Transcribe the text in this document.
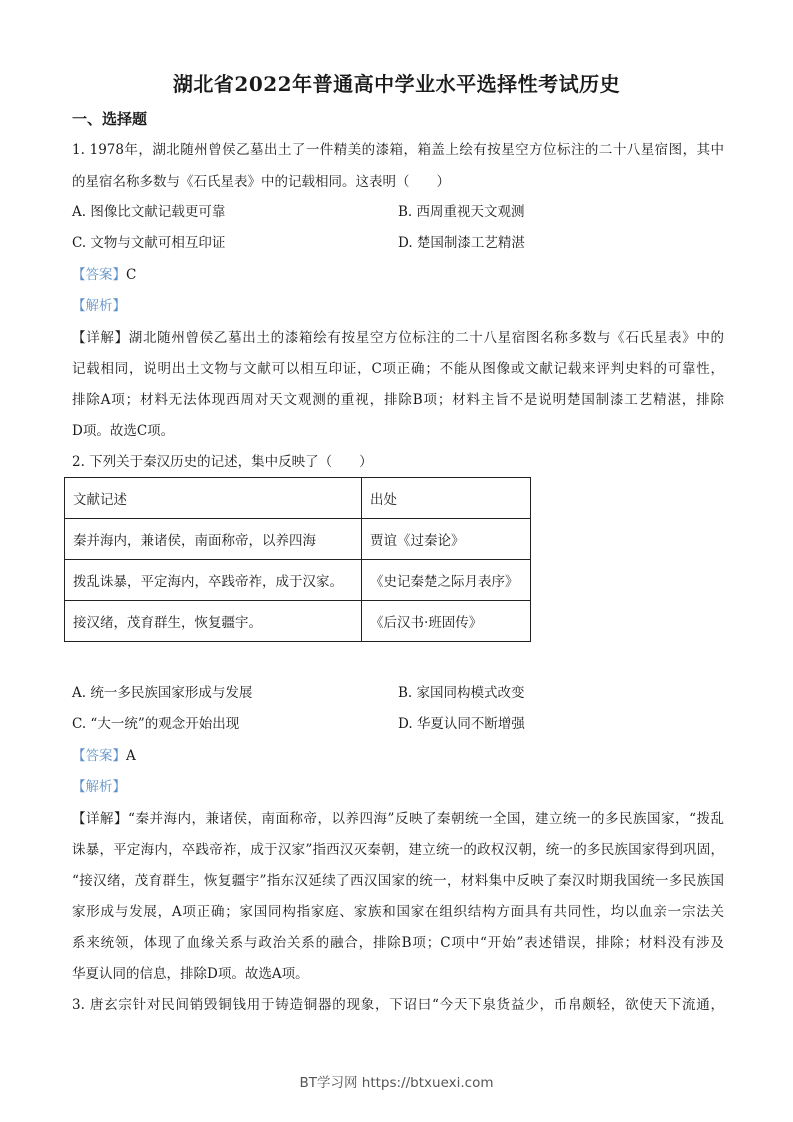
湖北省2022年普通高中学业水平选择性考试历史
一、选择题
1. 1978年，湖北随州曾侯乙墓出土了一件精美的漆箱，箱盖上绘有按星空方位标注的二十八星宿图，其中
的星宿名称多数与《石氏星表》中的记载相同。这表明（　　）
A. 图像比文献记载更可靠	B. 西周重视天文观测
C. 文物与文献可相互印证	D. 楚国制漆工艺精湛
【答案】C
【解析】
【详解】湖北随州曾侯乙墓出土的漆箱绘有按星空方位标注的二十八星宿图名称多数与《石氏星表》中的
记载相同，说明出土文物与文献可以相互印证，C项正确；不能从图像或文献记载来评判史料的可靠性，
排除A项；材料无法体现西周对天文观测的重视，排除B项；材料主旨不是说明楚国制漆工艺精湛，排除
D项。故选C项。
2. 下列关于秦汉历史的记述，集中反映了（　　）
文献记述	出处
秦并海内，兼诸侯，南面称帝，以养四海	贾谊《过秦论》
拨乱诛暴，平定海内，卒践帝祚，成于汉家。	《史记秦楚之际月表序》
接汉绪，茂育群生，恢复疆宇。	《后汉书·班固传》
A. 统一多民族国家形成与发展	B. 家国同构模式改变
C. “大一统”的观念开始出现	D. 华夏认同不断增强
【答案】A
【解析】
【详解】“秦并海内，兼诸侯，南面称帝，以养四海”反映了秦朝统一全国，建立统一的多民族国家，“拨乱
诛暴，平定海内，卒践帝祚，成于汉家”指西汉灭秦朝，建立统一的政权汉朝，统一的多民族国家得到巩固，
“接汉绪，茂育群生，恢复疆宇”指东汉延续了西汉国家的统一，材料集中反映了秦汉时期我国统一多民族国
家形成与发展，A项正确；家国同构指家庭、家族和国家在组织结构方面具有共同性，均以血亲一宗法关
系来统领，体现了血缘关系与政治关系的融合，排除B项；C项中“开始”表述错误，排除；材料没有涉及
华夏认同的信息，排除D项。故选A项。
3. 唐玄宗针对民间销毁铜钱用于铸造铜器的现象，下诏曰“今天下泉货益少，币帛颇轻，欲使天下流通，
BT学习网 https://btxuexi.com
